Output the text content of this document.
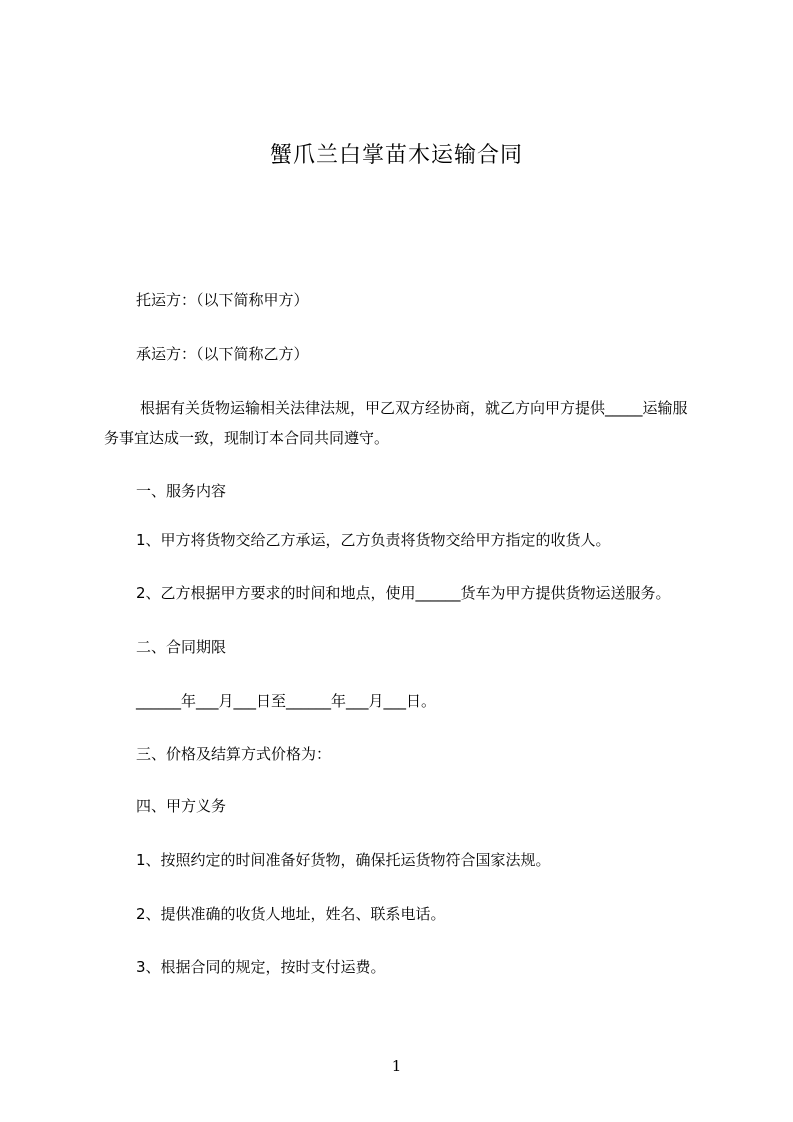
蟹爪兰白掌苗木运输合同
托运方：（以下简称甲方）
承运方：（以下简称乙方）
根据有关货物运输相关法律法规，甲乙双方经协商，就乙方向甲方提供_____运输服务事宜达成一致，现制订本合同共同遵守。
一、服务内容
1、甲方将货物交给乙方承运，乙方负责将货物交给甲方指定的收货人。
2、乙方根据甲方要求的时间和地点，使用______货车为甲方提供货物运送服务。
二、合同期限
______年___月___日至______年___月___日。
三、价格及结算方式价格为：
四、甲方义务
1、按照约定的时间准备好货物，确保托运货物符合国家法规。
2、提供准确的收货人地址，姓名、联系电话。
3、根据合同的规定，按时支付运费。
1
